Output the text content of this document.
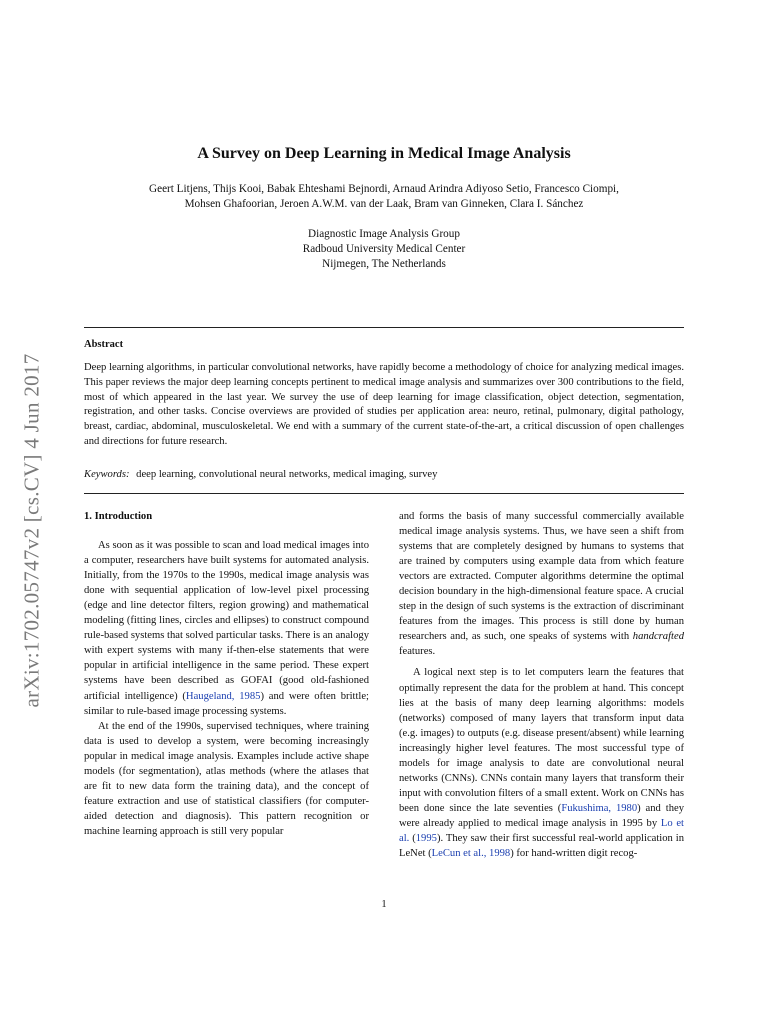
arXiv:1702.05747v2 [cs.CV] 4 Jun 2017
A Survey on Deep Learning in Medical Image Analysis
Geert Litjens, Thijs Kooi, Babak Ehteshami Bejnordi, Arnaud Arindra Adiyoso Setio, Francesco Ciompi,
Mohsen Ghafoorian, Jeroen A.W.M. van der Laak, Bram van Ginneken, Clara I. Sánchez
Diagnostic Image Analysis Group
Radboud University Medical Center
Nijmegen, The Netherlands
Abstract
Deep learning algorithms, in particular convolutional networks, have rapidly become a methodology of choice for analyzing medical images. This paper reviews the major deep learning concepts pertinent to medical image analysis and summarizes over 300 contributions to the field, most of which appeared in the last year. We survey the use of deep learning for image classification, object detection, segmentation, registration, and other tasks. Concise overviews are provided of studies per application area: neuro, retinal, pulmonary, digital pathology, breast, cardiac, abdominal, musculoskeletal. We end with a summary of the current state-of-the-art, a critical discussion of open challenges and directions for future research.
Keywords: deep learning, convolutional neural networks, medical imaging, survey
1. Introduction

As soon as it was possible to scan and load medical images into a computer, researchers have built systems for automated analysis. Initially, from the 1970s to the 1990s, medical image analysis was done with sequential application of low-level pixel processing (edge and line detector filters, region growing) and mathematical modeling (fitting lines, circles and ellipses) to construct compound rule-based systems that solved particular tasks. There is an analogy with expert systems with many if-then-else statements that were popular in artificial intelligence in the same period. These expert systems have been described as GOFAI (good old-fashioned artificial intelligence) (Haugeland, 1985) and were often brittle; similar to rule-based image processing systems.

At the end of the 1990s, supervised techniques, where training data is used to develop a system, were becoming increasingly popular in medical image analysis. Examples include active shape models (for segmentation), atlas methods (where the atlases that are fit to new data form the training data), and the concept of feature extraction and use of statistical classifiers (for computer-aided detection and diagnosis). This pattern recognition or machine learning approach is still very popular

and forms the basis of many successful commercially available medical image analysis systems. Thus, we have seen a shift from systems that are completely designed by humans to systems that are trained by computers using example data from which feature vectors are extracted. Computer algorithms determine the optimal decision boundary in the high-dimensional feature space. A crucial step in the design of such systems is the extraction of discriminant features from the images. This process is still done by human researchers and, as such, one speaks of systems with handcrafted features.

A logical next step is to let computers learn the features that optimally represent the data for the problem at hand. This concept lies at the basis of many deep learning algorithms: models (networks) composed of many layers that transform input data (e.g. images) to outputs (e.g. disease present/absent) while learning increasingly higher level features. The most successful type of models for image analysis to date are convolutional neural networks (CNNs). CNNs contain many layers that transform their input with convolution filters of a small extent. Work on CNNs has been done since the late seventies (Fukushima, 1980) and they were already applied to medical image analysis in 1995 by Lo et al. (1995). They saw their first successful real-world application in LeNet (LeCun et al., 1998) for hand-written digit recog-

1
